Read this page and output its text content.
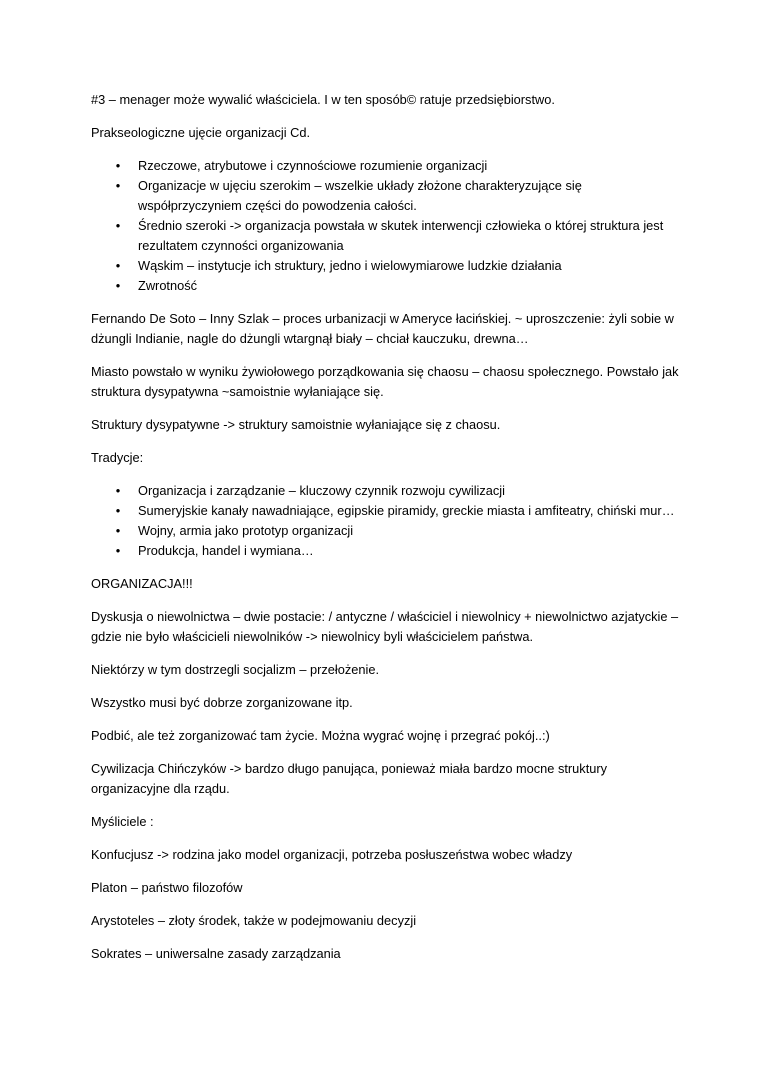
#3 – menager może wywalić właściciela. I w ten sposób© ratuje przedsiębiorstwo.

Prakseologiczne ujęcie organizacji Cd.

• Rzeczowe, atrybutowe i czynnościowe rozumienie organizacji
• Organizacje w ujęciu szerokim – wszelkie układy złożone charakteryzujące się współprzyczyniem części do powodzenia całości.
• Średnio szeroki -> organizacja powstała w skutek interwencji człowieka o której struktura jest rezultatem czynności organizowania
• Wąskim – instytucje ich struktury, jedno i wielowymiarowe ludzkie działania
• Zwrotność

Fernando De Soto – Inny Szlak – proces urbanizacji w Ameryce łacińskiej. ~ uproszczenie: żyli sobie w dżungli Indianie, nagle do dżungli wtargnął biały – chciał kauczuku, drewna…

Miasto powstało w wyniku żywiołowego porządkowania się chaosu – chaosu społecznego. Powstało jak struktura dysypatywna ~samoistnie wyłaniające się.

Struktury dysypatywne -> struktury samoistnie wyłaniające się z chaosu.

Tradycje:

• Organizacja i zarządzanie – kluczowy czynnik rozwoju cywilizacji
• Sumeryjskie kanały nawadniające, egipskie piramidy, greckie miasta i amfiteatry, chiński mur…
• Wojny, armia jako prototyp organizacji
• Produkcja, handel i wymiana…

ORGANIZACJA!!!

Dyskusja o niewolnictwa – dwie postacie: / antyczne / właściciel i niewolnicy + niewolnictwo azjatyckie – gdzie nie było właścicieli niewolników -> niewolnicy byli właścicielem państwa.

Niektórzy w tym dostrzegli socjalizm – przełożenie.

Wszystko musi być dobrze zorganizowane itp.

Podbić, ale też zorganizować tam życie. Można wygrać wojnę i przegrać pokój..:)

Cywilizacja Chińczyków -> bardzo długo panująca, ponieważ miała bardzo mocne struktury organizacyjne dla rządu.

Myśliciele :

Konfucjusz -> rodzina jako model organizacji, potrzeba posłuszeństwa wobec władzy

Platon – państwo filozofów

Arystoteles – złoty środek, także w podejmowaniu decyzji

Sokrates – uniwersalne zasady zarządzania
